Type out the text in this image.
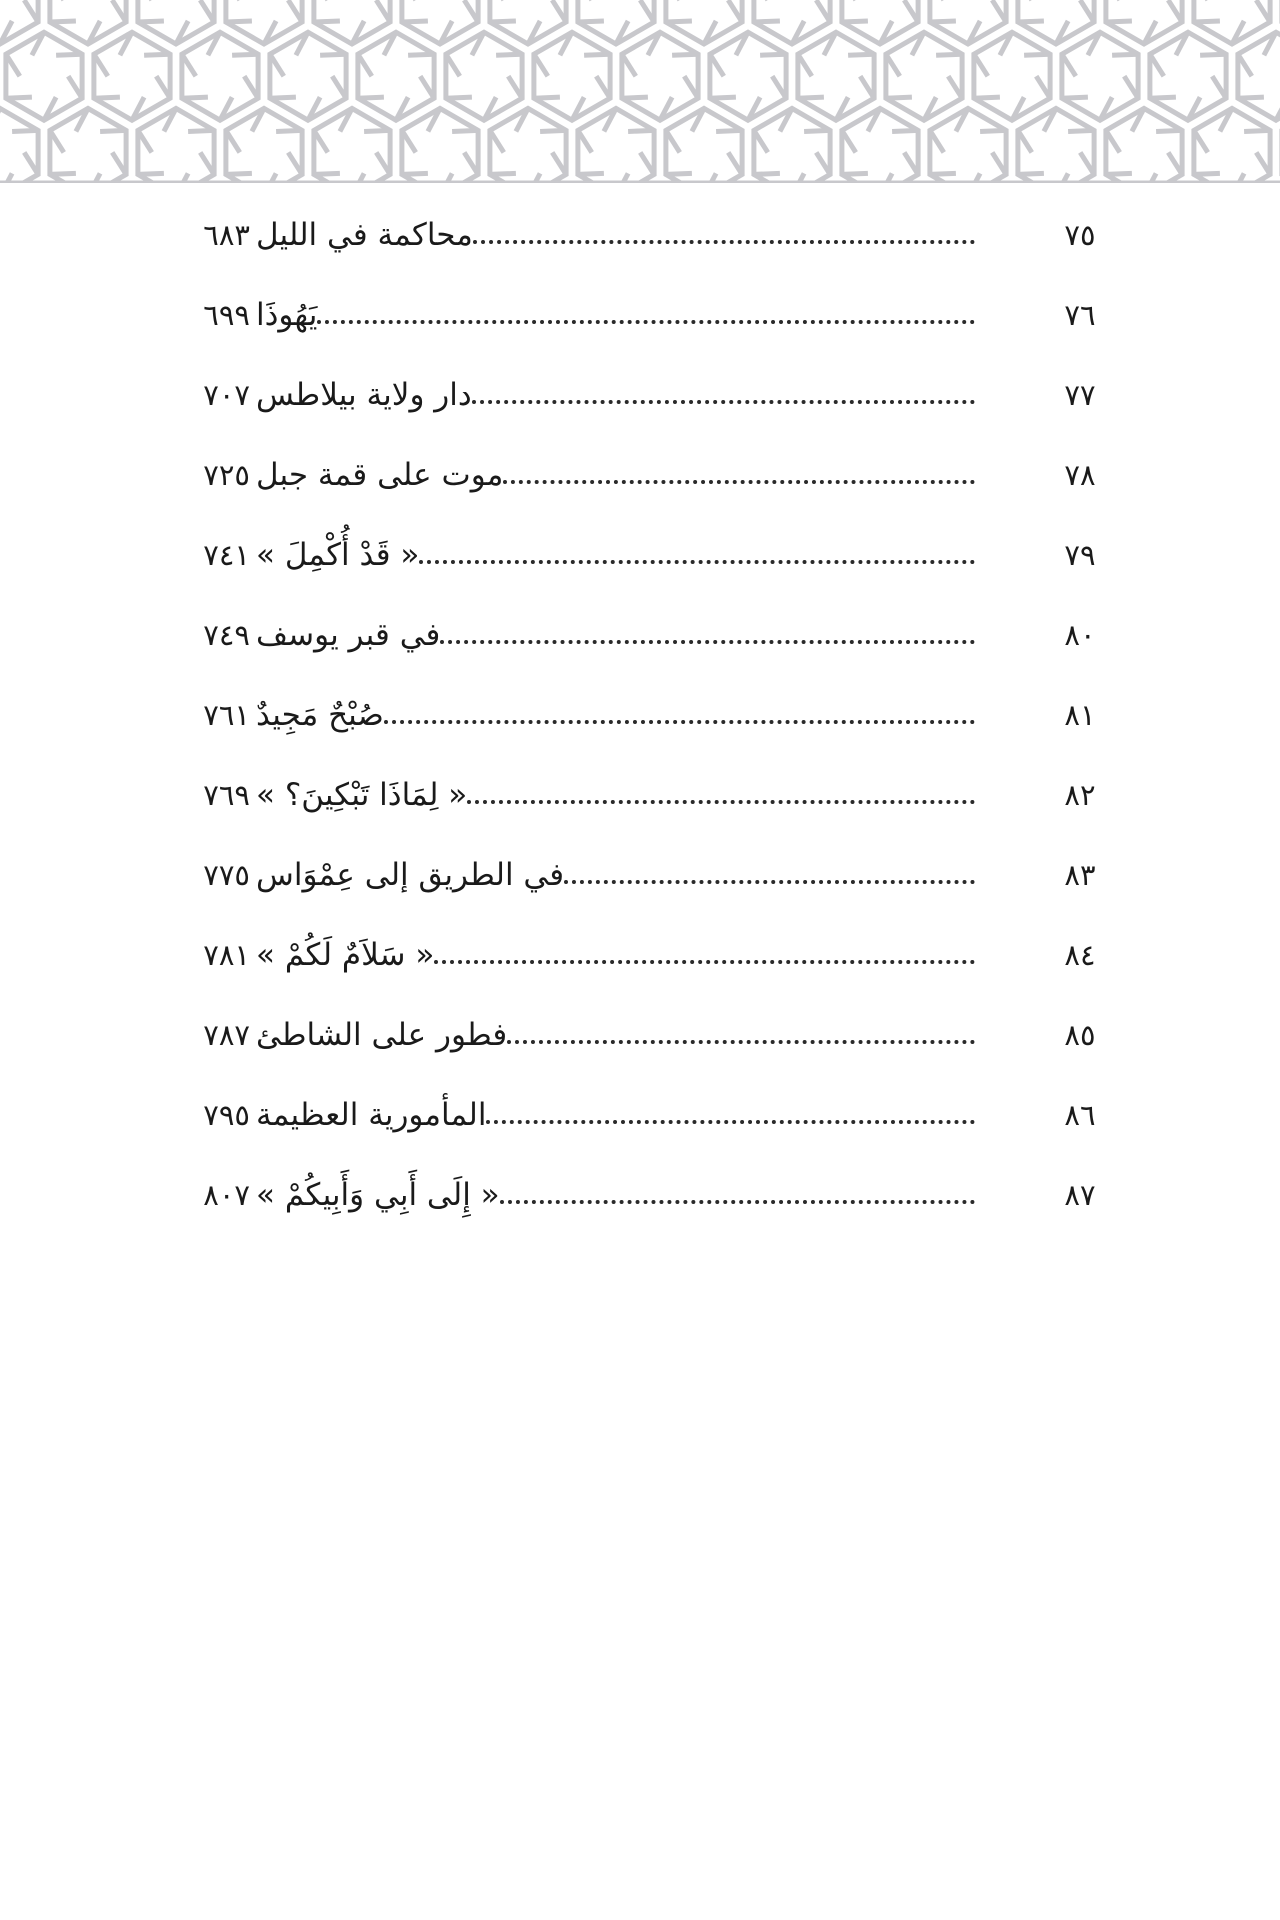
٧٥
محاكمة في الليل
٦٨٣
٧٦
يَهُوذَا
٦٩٩
٧٧
دار ولاية بيلاطس
٧٠٧
٧٨
موت على قمة جبل
٧٢٥
٧٩
« قَدْ أُكْمِلَ »
٧٤١
٨٠
في قبر يوسف
٧٤٩
٨١
صُبْحٌ مَجِيدٌ
٧٦١
٨٢
« لِمَاذَا تَبْكِينَ؟ »
٧٦٩
٨٣
في الطريق إلى عِمْوَاس
٧٧٥
٨٤
« سَلاَمٌ لَكُمْ »
٧٨١
٨٥
فطور على الشاطئ
٧٨٧
٨٦
المأمورية العظيمة
٧٩٥
٨٧
« إِلَى أَبِي وَأَبِيكُمْ »
٨٠٧
